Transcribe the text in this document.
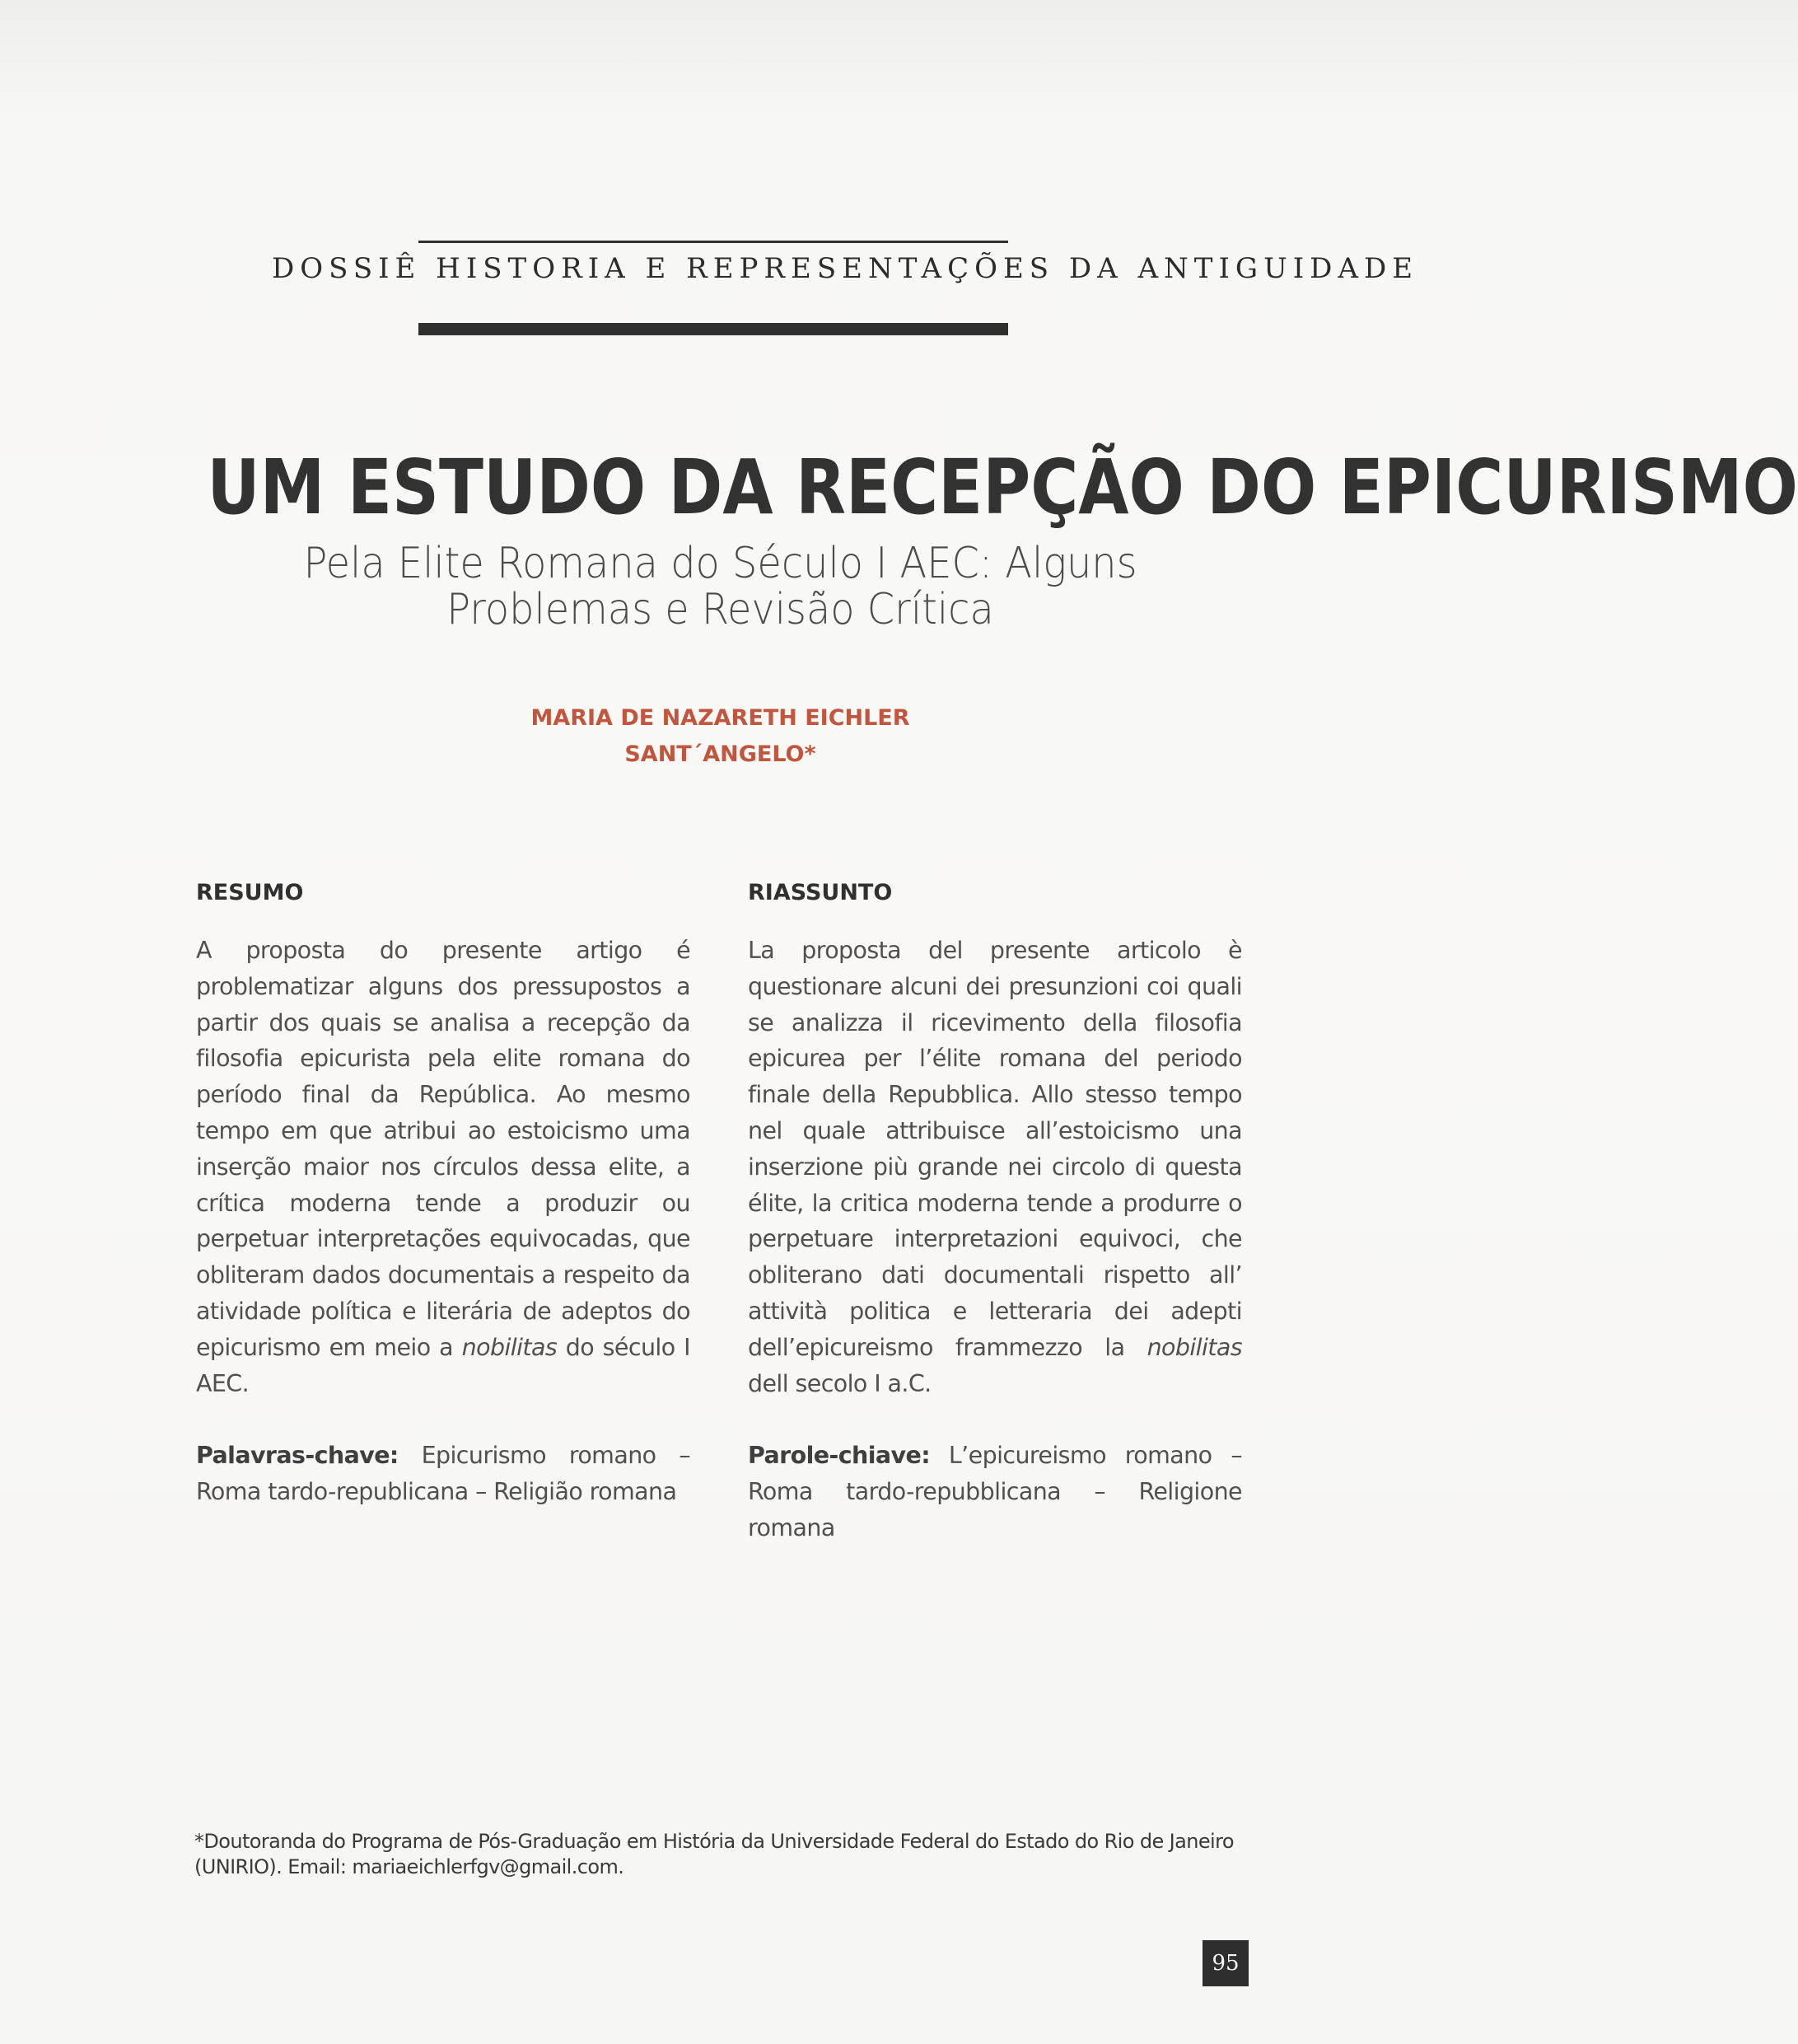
DOSSIÊ HISTORIA E REPRESENTAÇÕES DA ANTIGUIDADE
UM ESTUDO DA RECEPÇÃO DO EPICURISMO
Pela Elite Romana do Século I AEC: Alguns
Problemas e Revisão Crítica
MARIA DE NAZARETH EICHLER
SANT´ANGELO*
RESUMO

A proposta do presente artigo é problematizar alguns dos pressupostos a partir dos quais se analisa a recepção da filosofia epicurista pela elite romana do período final da República. Ao mesmo tempo em que atribui ao estoicismo uma inserção maior nos círculos dessa elite, a crítica moderna tende a produzir ou perpetuar interpretações equivocadas, que obliteram dados documentais a respeito da atividade política e literária de adeptos do epicurismo em meio a nobilitas do século I AEC.

Palavras-chave: Epicurismo romano – Roma tardo-republicana – Religião romana
RIASSUNTO

La proposta del presente articolo è questionare alcuni dei presunzioni coi quali se analizza il ricevimento della filosofia epicurea per l’élite romana del periodo finale della Repubblica. Allo stesso tempo nel quale attribuisce all’estoicismo una inserzione più grande nei circolo di questa élite, la critica moderna tende a produrre o perpetuare interpretazioni equivoci, che obliterano dati documentali rispetto all’ attività politica e letteraria dei adepti dell’epicureismo frammezzo la nobilitas dell secolo I a.C.

Parole-chiave: L’epicureismo romano – Roma tardo-repubblicana – Religione romana
*Doutoranda do Programa de Pós-Graduação em História da Universidade Federal do Estado do Rio de Janeiro (UNIRIO). Email: mariaeichlerfgv@gmail.com.
95
